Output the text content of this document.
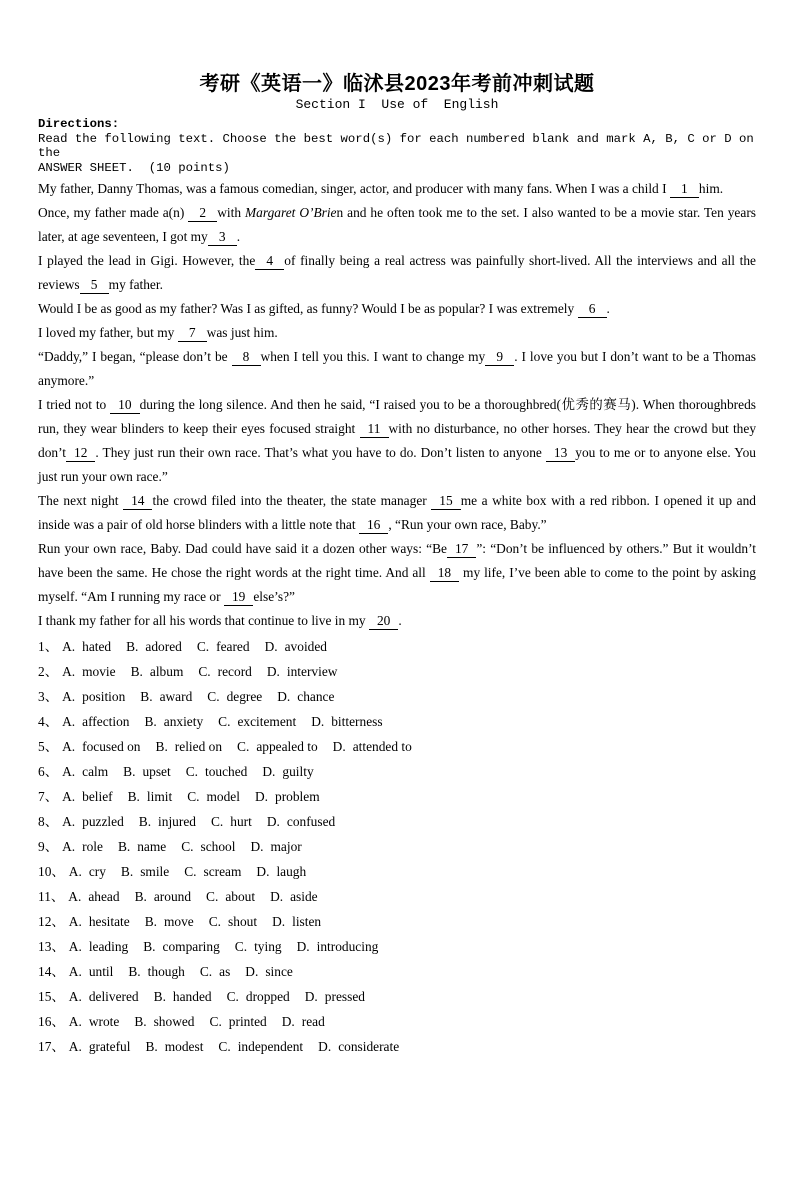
考研《英语一》临沭县2023年考前冲刺试题
Section I  Use of  English
Directions:
Read the following text. Choose the best word(s) for each numbered blank and mark A, B, C or D on the
ANSWER SHEET.  (10 points)

My father, Danny Thomas, was a famous comedian, singer, actor, and producer with many fans. When I was a child I 1 him.

Once, my father made a(n) 2 with Margaret O’Brien and he often took me to the set. I also wanted to be a movie star. Ten years later, at age seventeen, I got my 3 .

I played the lead in Gigi. However, the 4 of finally being a real actress was painfully short-lived. All the interviews and all the reviews 5 my father.

Would I be as good as my father? Was I as gifted, as funny? Would I be as popular? I was extremely 6 .

I loved my father, but my 7 was just him.

“Daddy,” I began, “please don’t be 8 when I tell you this. I want to change my 9 . I love you but I don’t want to be a Thomas anymore.”

I tried not to 10 during the long silence. And then he said, “I raised you to be a thoroughbred(优秀的赛马). When thoroughbreds run, they wear blinders to keep their eyes focused straight 11 with no disturbance, no other horses. They hear the crowd but they don’t 12 . They just run their own race. That’s what you have to do. Don’t listen to anyone 13 you to me or to anyone else. You just run your own race.”

The next night 14 the crowd filed into the theater, the state manager 15 me a white box with a red ribbon. I opened it up and inside was a pair of old horse blinders with a little note that 16 , “Run your own race, Baby.”

Run your own race, Baby. Dad could have said it a dozen other ways: “Be 17 ”: “Don’t be influenced by others.” But it wouldn’t have been the same. He chose the right words at the right time. And all 18 my life, I’ve been able to come to the point by asking myself. “Am I running my race or 19 else’s?”

I thank my father for all his words that continue to live in my 20 .

1、 A. hated B. adored C. feared D. avoided
2、 A. movie B. album C. record D. interview
3、 A. position B. award C. degree D. chance
4、 A. affection B. anxiety C. excitement D. bitterness
5、 A. focused on B. relied on C. appealed to D. attended to
6、 A. calm B. upset C. touched D. guilty
7、 A. belief B. limit C. model D. problem
8、 A. puzzled B. injured C. hurt D. confused
9、 A. role B. name C. school D. major
10、 A. cry B. smile C. scream D. laugh
11、 A. ahead B. around C. about D. aside
12、 A. hesitate B. move C. shout D. listen
13、 A. leading B. comparing C. tying D. introducing
14、 A. until B. though C. as D. since
15、 A. delivered B. handed C. dropped D. pressed
16、 A. wrote B. showed C. printed D. read
17、 A. grateful B. modest C. independent D. considerate
